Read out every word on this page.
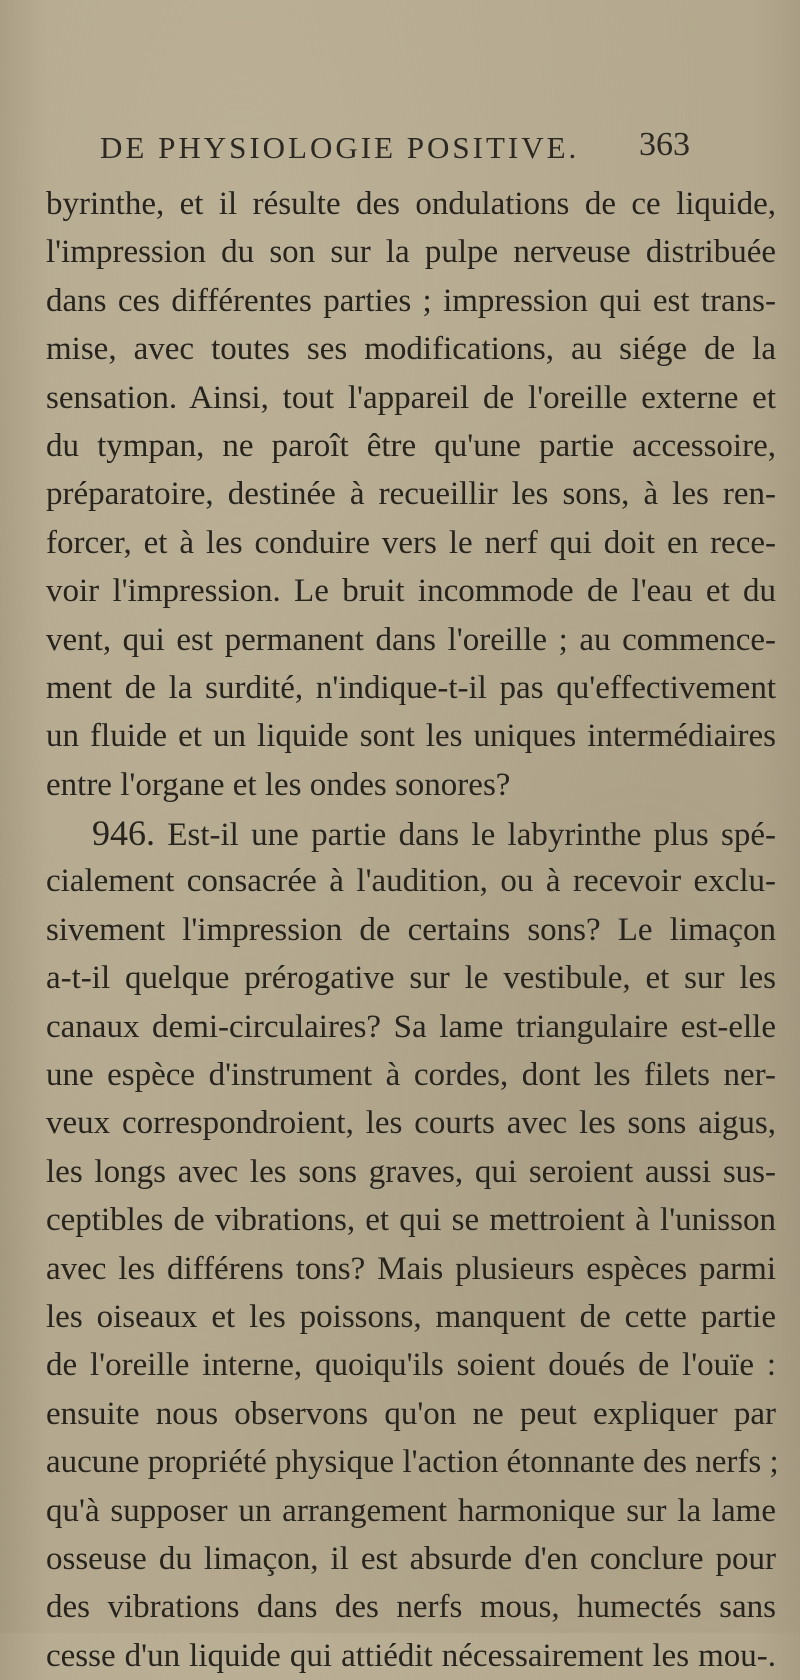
DE PHYSIOLOGIE POSITIVE. 363
byrinthe, et il résulte des ondulations de ce liquide,
l'impression du son sur la pulpe nerveuse distribuée
dans ces différentes parties ; impression qui est trans-
mise, avec toutes ses modifications, au siége de la
sensation. Ainsi, tout l'appareil de l'oreille externe et
du tympan, ne paroît être qu'une partie accessoire,
préparatoire, destinée à recueillir les sons, à les ren-
forcer, et à les conduire vers le nerf qui doit en rece-
voir l'impression. Le bruit incommode de l'eau et du
vent, qui est permanent dans l'oreille ; au commence-
ment de la surdité, n'indique-t-il pas qu'effectivement
un fluide et un liquide sont les uniques intermédiaires
entre l'organe et les ondes sonores?
946. Est-il une partie dans le labyrinthe plus spé-
cialement consacrée à l'audition, ou à recevoir exclu-
sivement l'impression de certains sons? Le limaçon
a-t-il quelque prérogative sur le vestibule, et sur les
canaux demi-circulaires? Sa lame triangulaire est-elle
une espèce d'instrument à cordes, dont les filets ner-
veux correspondroient, les courts avec les sons aigus,
les longs avec les sons graves, qui seroient aussi sus-
ceptibles de vibrations, et qui se mettroient à l'unisson
avec les différens tons? Mais plusieurs espèces parmi
les oiseaux et les poissons, manquent de cette partie
de l'oreille interne, quoiqu'ils soient doués de l'ouïe :
ensuite nous observons qu'on ne peut expliquer par
aucune propriété physique l'action étonnante des nerfs ;
qu'à supposer un arrangement harmonique sur la lame
osseuse du limaçon, il est absurde d'en conclure pour
des vibrations dans des nerfs mous, humectés sans
cesse d'un liquide qui attiédit nécessairement les mou-.
